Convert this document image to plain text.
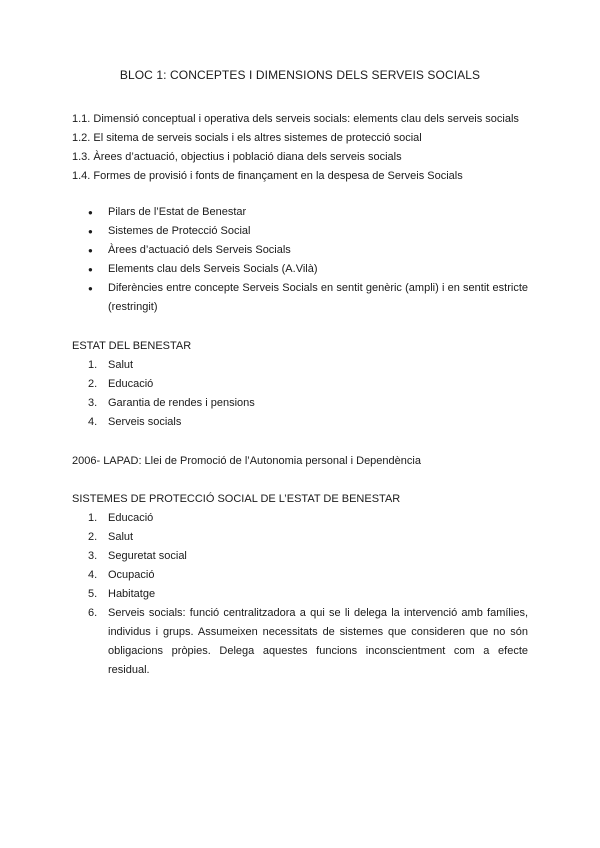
BLOC 1: CONCEPTES I DIMENSIONS DELS SERVEIS SOCIALS
1.1. Dimensió conceptual i operativa dels serveis socials: elements clau dels serveis socials
1.2. El sitema de serveis socials i els altres sistemes de protecció social
1.3. Àrees d’actuació, objectius i població diana dels serveis socials
1.4. Formes de provisió i fonts de finançament en la despesa de Serveis Socials
● Pilars de l’Estat de Benestar
● Sistemes de Protecció Social
● Àrees d’actuació dels Serveis Socials
● Elements clau dels Serveis Socials (A.Vilà)
● Diferències entre concepte Serveis Socials en sentit genèric (ampli) i en sentit estricte (restringit)
ESTAT DEL BENESTAR
1. Salut
2. Educació
3. Garantia de rendes i pensions
4. Serveis socials
2006- LAPAD: Llei de Promoció de l’Autonomia personal i Dependència
SISTEMES DE PROTECCIÓ SOCIAL DE L’ESTAT DE BENESTAR
1. Educació
2. Salut
3. Seguretat social
4. Ocupació
5. Habitatge
6. Serveis socials: funció centralitzadora a qui se li delega la intervenció amb famílies, individus i grups. Assumeixen necessitats de sistemes que consideren que no són obligacions pròpies. Delega aquestes funcions inconscientment com a efecte residual.
